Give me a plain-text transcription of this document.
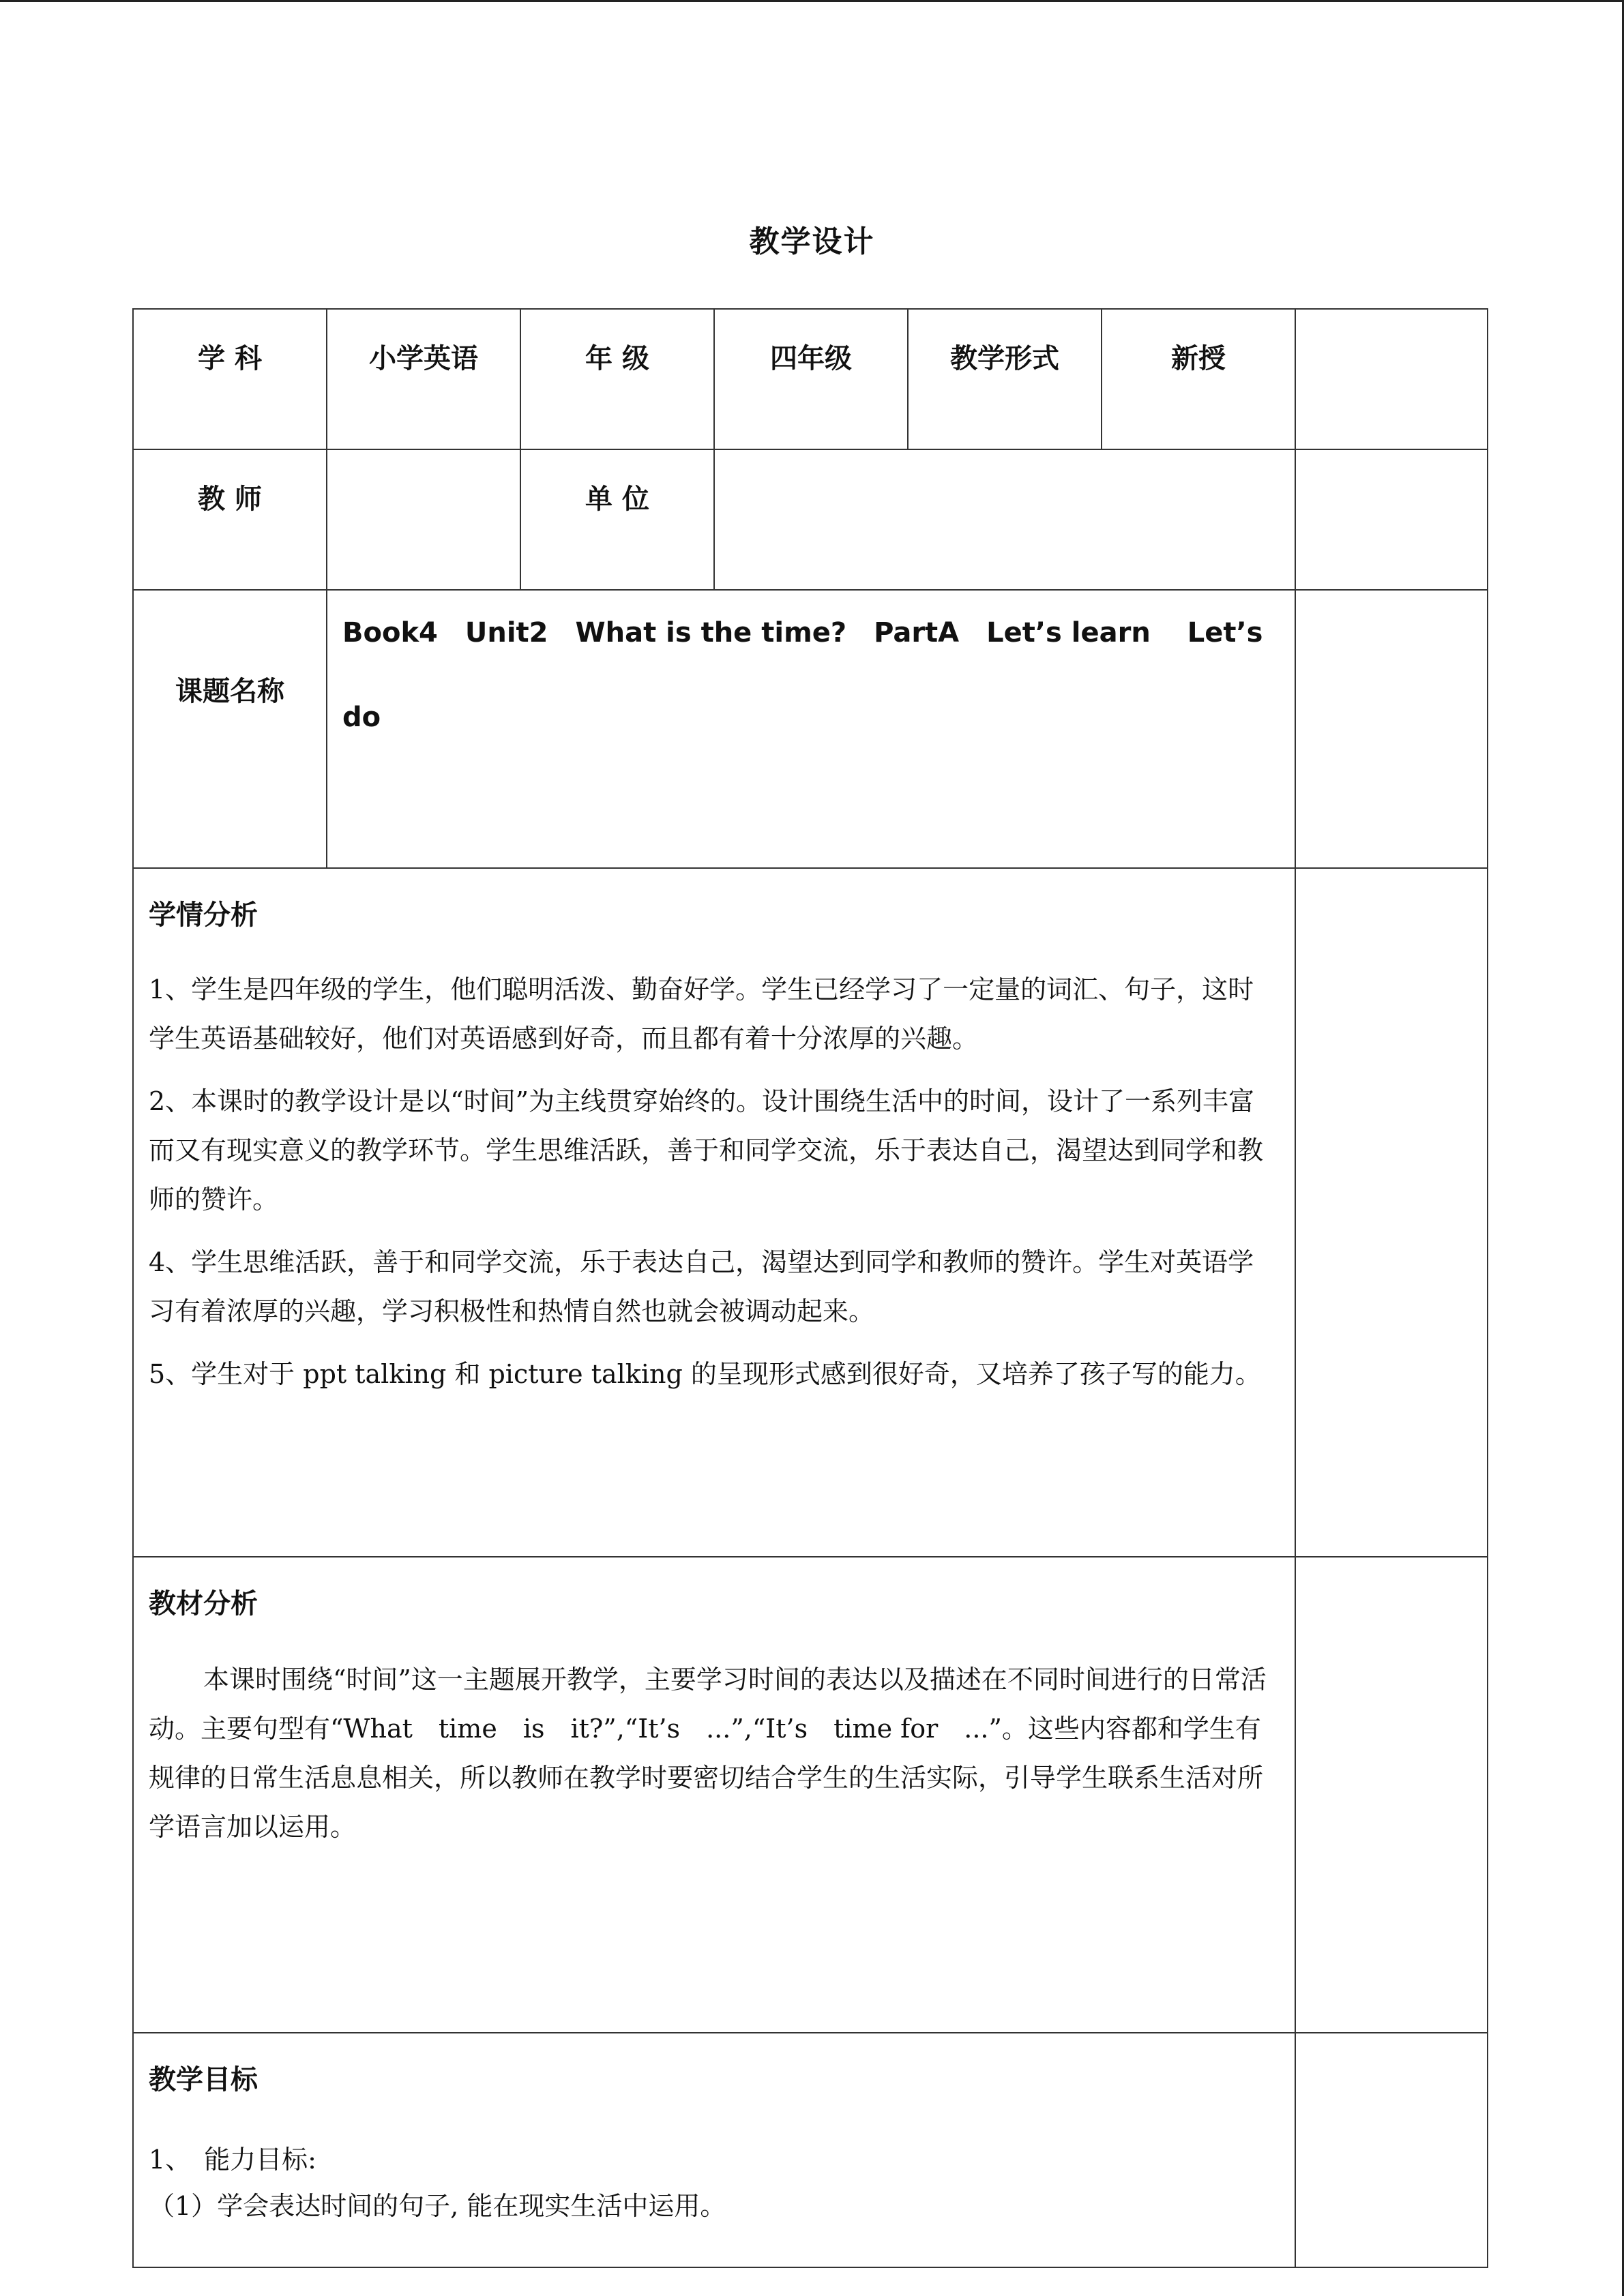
教学设计
学 科	小学英语	年 级	四年级	教学形式	新授	
教 师		单 位				
课题名称	Book4　Unit2　What is the time?　PartA　Let’s learn　 Let’s
do					

学情分析

1、学生是四年级的学生，他们聪明活泼、勤奋好学。学生已经学习了一定量的词汇、句子，这时学生英语基础较好，他们对英语感到好奇，而且都有着十分浓厚的兴趣。

2、本课时的教学设计是以“时间”为主线贯穿始终的。设计围绕生活中的时间，设计了一系列丰富而又有现实意义的教学环节。学生思维活跃，善于和同学交流，乐于表达自己，渴望达到同学和教师的赞许。

4、学生思维活跃，善于和同学交流，乐于表达自己，渴望达到同学和教师的赞许。学生对英语学习有着浓厚的兴趣，学习积极性和热情自然也就会被调动起来。

5、学生对于 ppt talking 和 picture talking 的呈现形式感到很好奇，又培养了孩子写的能力。						

教材分析

本课时围绕“时间”这一主题展开教学，主要学习时间的表达以及描述在不同时间进行的日常活动。主要句型有“What　time　is　it?”,“It’s　...”,“It’s　time for　...”。这些内容都和学生有规律的日常生活息息相关，所以教师在教学时要密切结合学生的生活实际，引导学生联系生活对所学语言加以运用。						

教学目标

1、　能力目标:

（1）学会表达时间的句子, 能在现实生活中运用。						
